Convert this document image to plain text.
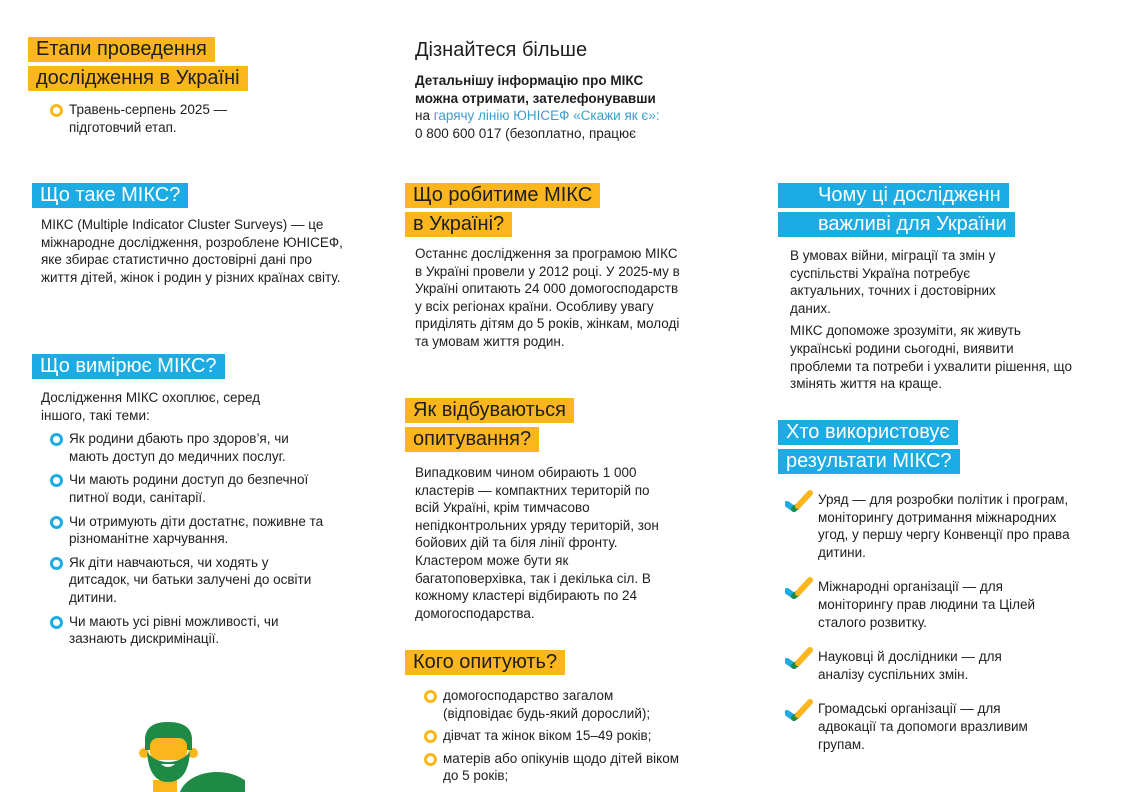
Етапи проведення
дослідження в Україні
Травень-серпень 2025 — підготовчий етап.
Що таке МІКС?
МІКС (Multiple Indicator Cluster Surveys) — це міжнародне дослідження, розроблене ЮНІСЕФ, яке збирає статистично достовірні дані про життя дітей, жінок і родин у різних країнах світу.
Що вимірює МІКС?
Дослідження МІКС охоплює, серед іншого, такі теми:
Як родини дбають про здоров’я, чи мають доступ до медичних послуг.
Чи мають родини доступ до безпечної питної води, санітарії.
Чи отримують діти достатнє, поживне та різноманітне харчування.
Як діти навчаються, чи ходять у дитсадок, чи батьки залучені до освіти дитини.
Чи мають усі рівні можливості, чи зазнають дискримінації.
Дізнайтеся більше
Детальнішу інформацію про МІКС
можна отримати, зателефонувавши
на гарячу лінію ЮНІСЕФ «Скажи як є»:
0 800 600 017 (безоплатно, працює
Що робитиме МІКС
в Україні?
Останнє дослідження за програмою МІКС в Україні провели у 2012 році. У 2025-му в Україні опитають 24 000 домогосподарств у всіх регіонах країни. Особливу увагу приділять дітям до 5 років, жінкам, молоді та умовам життя родин.
Як відбуваються
опитування?
Випадковим чином обирають 1 000 кластерів — компактних територій по всій Україні, крім тимчасово непідконтрольних уряду територій, зон бойових дій та біля лінії фронту. Кластером може бути як багатоповерхівка, так і декілька сіл. В кожному кластері відбирають по 24 домогосподарства.
Кого опитують?
домогосподарство загалом (відповідає будь-який дорослий);
дівчат та жінок віком 15–49 років;
матерів або опікунів щодо дітей віком до 5 років;
Чому ці дослідженн
важливі для України
В умовах війни, міграції та змін у суспільстві Україна потребує актуальних, точних і достовірних даних.
МІКС допоможе зрозуміти, як живуть українські родини сьогодні, виявити проблеми та потреби і ухвалити рішення, що змінять життя на краще.
Хто використовує
результати МІКС?
Уряд — для розробки політик і програм, моніторингу дотримання міжнародних угод, у першу чергу Конвенції про права дитини.
Міжнародні організації — для моніторингу прав людини та Цілей сталого розвитку.
Науковці й дослідники — для аналізу суспільних змін.
Громадські організації — для адвокації та допомоги вразливим групам.
